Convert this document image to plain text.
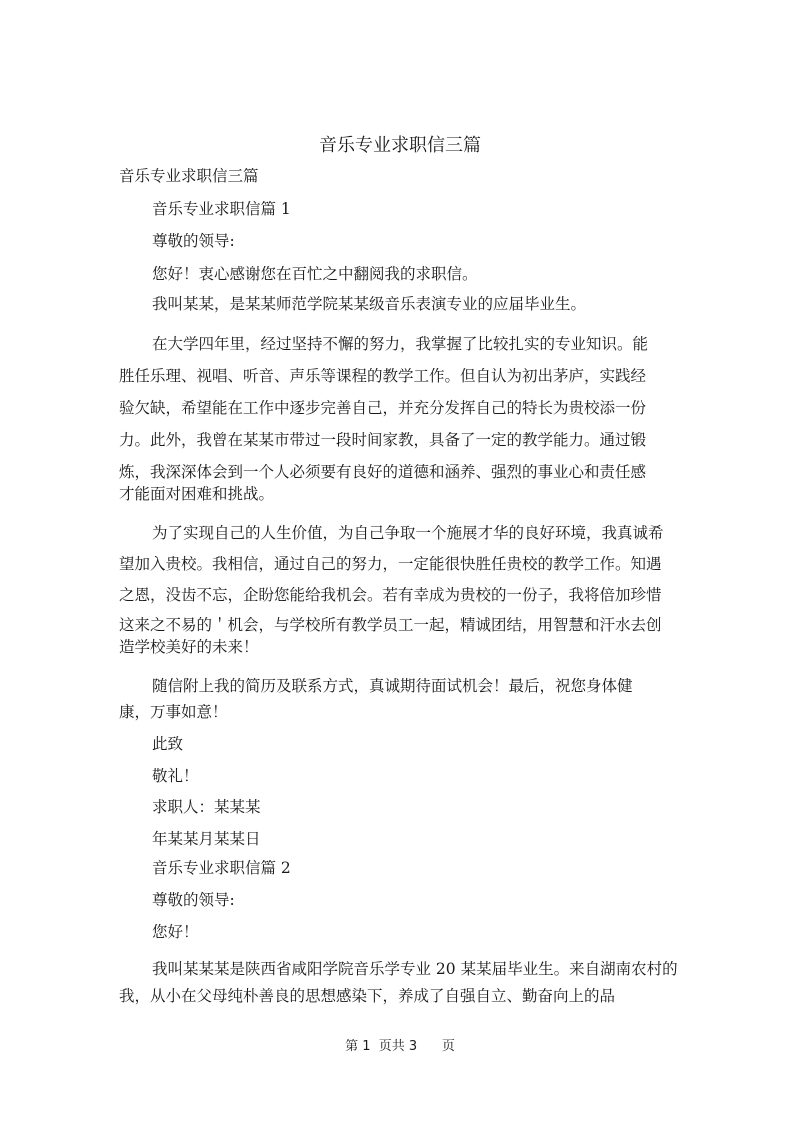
音乐专业求职信三篇
音乐专业求职信三篇
音乐专业求职信篇 1
尊敬的领导:
您好！衷心感谢您在百忙之中翻阅我的求职信。
我叫某某，是某某师范学院某某级音乐表演专业的应届毕业生。
在大学四年里，经过坚持不懈的努力，我掌握了比较扎实的专业知识。能
胜任乐理、视唱、听音、声乐等课程的教学工作。但自认为初出茅庐，实践经
验欠缺，希望能在工作中逐步完善自己，并充分发挥自己的特长为贵校添一份
力。此外，我曾在某某市带过一段时间家教，具备了一定的教学能力。通过锻
炼，我深深体会到一个人必须要有良好的道德和涵养、强烈的事业心和责任感
才能面对困难和挑战。
为了实现自己的人生价值，为自己争取一个施展才华的良好环境，我真诚希
望加入贵校。我相信，通过自己的努力，一定能很快胜任贵校的教学工作。知遇
之恩，没齿不忘，企盼您能给我机会。若有幸成为贵校的一份子，我将倍加珍惜
这来之不易的＇机会，与学校所有教学员工一起，精诚团结，用智慧和汗水去创
造学校美好的未来！
随信附上我的简历及联系方式，真诚期待面试机会！最后，祝您身体健
康，万事如意！
此致
敬礼！
求职人：某某某
年某某月某某日
音乐专业求职信篇 2
尊敬的领导:
您好！
我叫某某某是陕西省咸阳学院音乐学专业 20 某某届毕业生。来自湖南农村的
我，从小在父母纯朴善良的思想感染下，养成了自强自立、勤奋向上的品
第 1  页共 3      页
